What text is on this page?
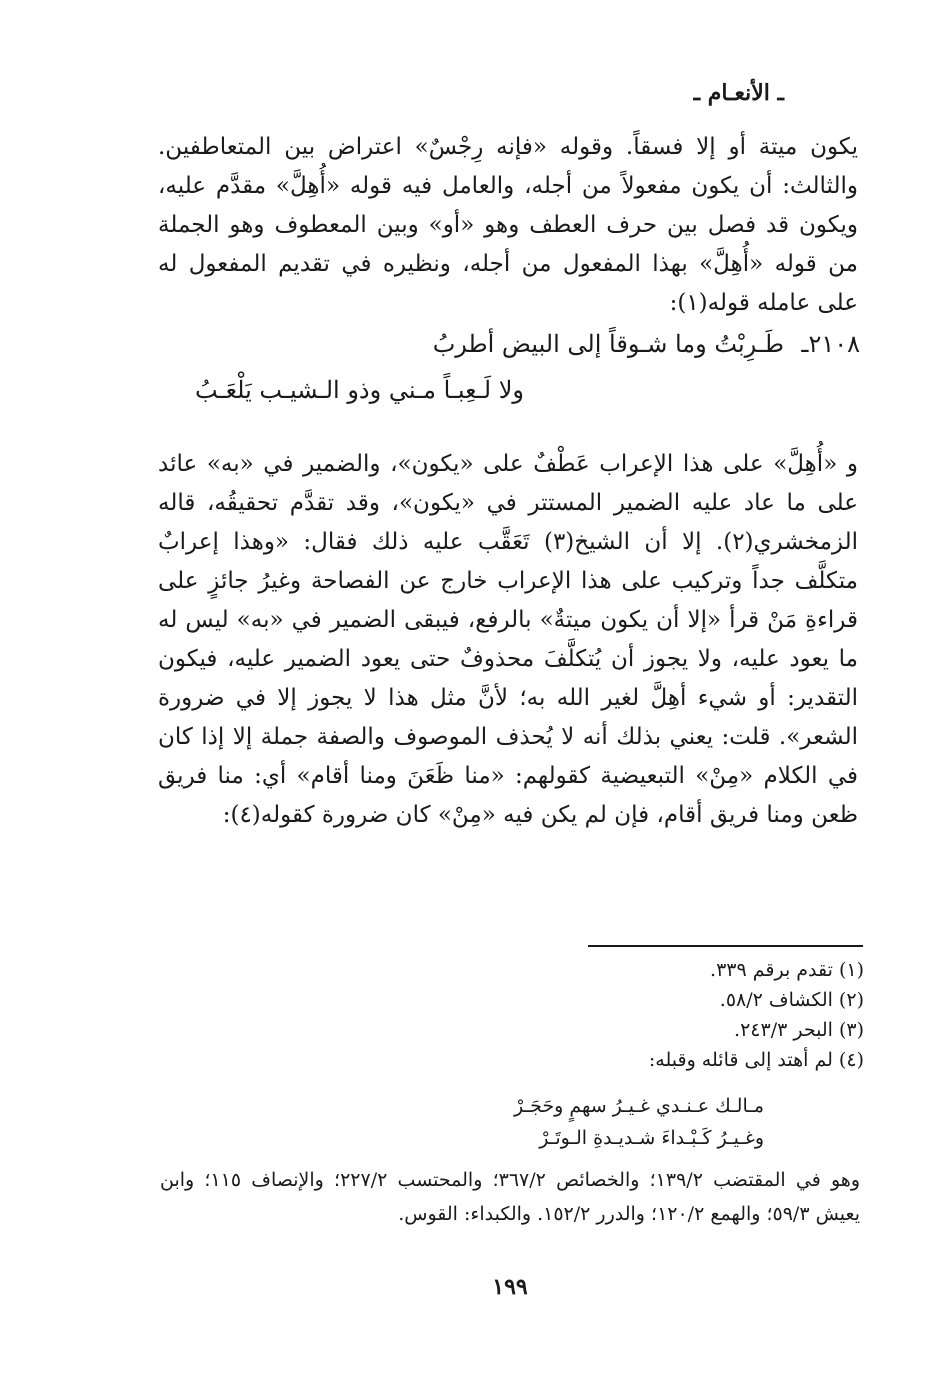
ـ الأنعـام ـ

يكون ميتة أو إلا فسقاً. وقوله «فإنه رِجْسٌ» اعتراض بين المتعاطفين. والثالث: أن يكون مفعولاً من أجله، والعامل فيه قوله «أُهِلَّ» مقدَّم عليه، ويكون قد فصل بين حرف العطف وهو «أو» وبين المعطوف وهو الجملة من قوله «أُهِلَّ» بهذا المفعول من أجله، ونظيره في تقديم المفعول له على عامله قوله(١):

٢١٠٨ـ
طَـرِبْتُ وما شـوقاً إلى البيض أطربُ
ولا لَـعِبـاً مـني وذو الـشيـب يَلْعَـبُ

و «أُهِلَّ» على هذا الإعراب عَطْفٌ على «يكون»، والضمير في «به» عائد على ما عاد عليه الضمير المستتر في «يكون»، وقد تقدَّم تحقيقُه، قاله الزمخشري(٢). إلا أن الشيخ(٣) تَعَقَّب عليه ذلك فقال: «وهذا إعرابٌ متكلَّف جداً وتركيب على هذا الإعراب خارج عن الفصاحة وغيرُ جائزٍ على قراءةِ مَنْ قرأ «إلا أن يكون ميتةٌ» بالرفع، فيبقى الضمير في «به» ليس له ما يعود عليه، ولا يجوز أن يُتكلَّفَ محذوفٌ حتى يعود الضمير عليه، فيكون التقدير: أو شيء أهِلَّ لغير الله به؛ لأنَّ مثل هذا لا يجوز إلا في ضرورة الشعر». قلت: يعني بذلك أنه لا يُحذف الموصوف والصفة جملة إلا إذا كان في الكلام «مِنْ» التبعيضية كقولهم: «منا ظَعَنَ ومنا أقام» أي: منا فريق ظعن ومنا فريق أقام، فإن لم يكن فيه «مِنْ» كان ضرورة كقوله(٤):

(١) تقدم برقم ٣٣٩.

(٢) الكشاف ٥٨/٢.

(٣) البحر ٢٤٣/٣.

(٤) لم أهتد إلى قائله وقبله:

مـالـك عـنـدي غـيـرُ سهمٍ وحَجَـرْ
وغـيـرُ كَـبْـداءَ شـديـدةِ الـوتَـرْ

وهو في المقتضب ١٣٩/٢؛ والخصائص ٣٦٧/٢؛ والمحتسب ٢٢٧/٢؛ والإنصاف ١١٥؛ وابن يعيش ٥٩/٣؛ والهمع ١٢٠/٢؛ والدرر ١٥٢/٢. والكبداء: القوس.

١٩٩
